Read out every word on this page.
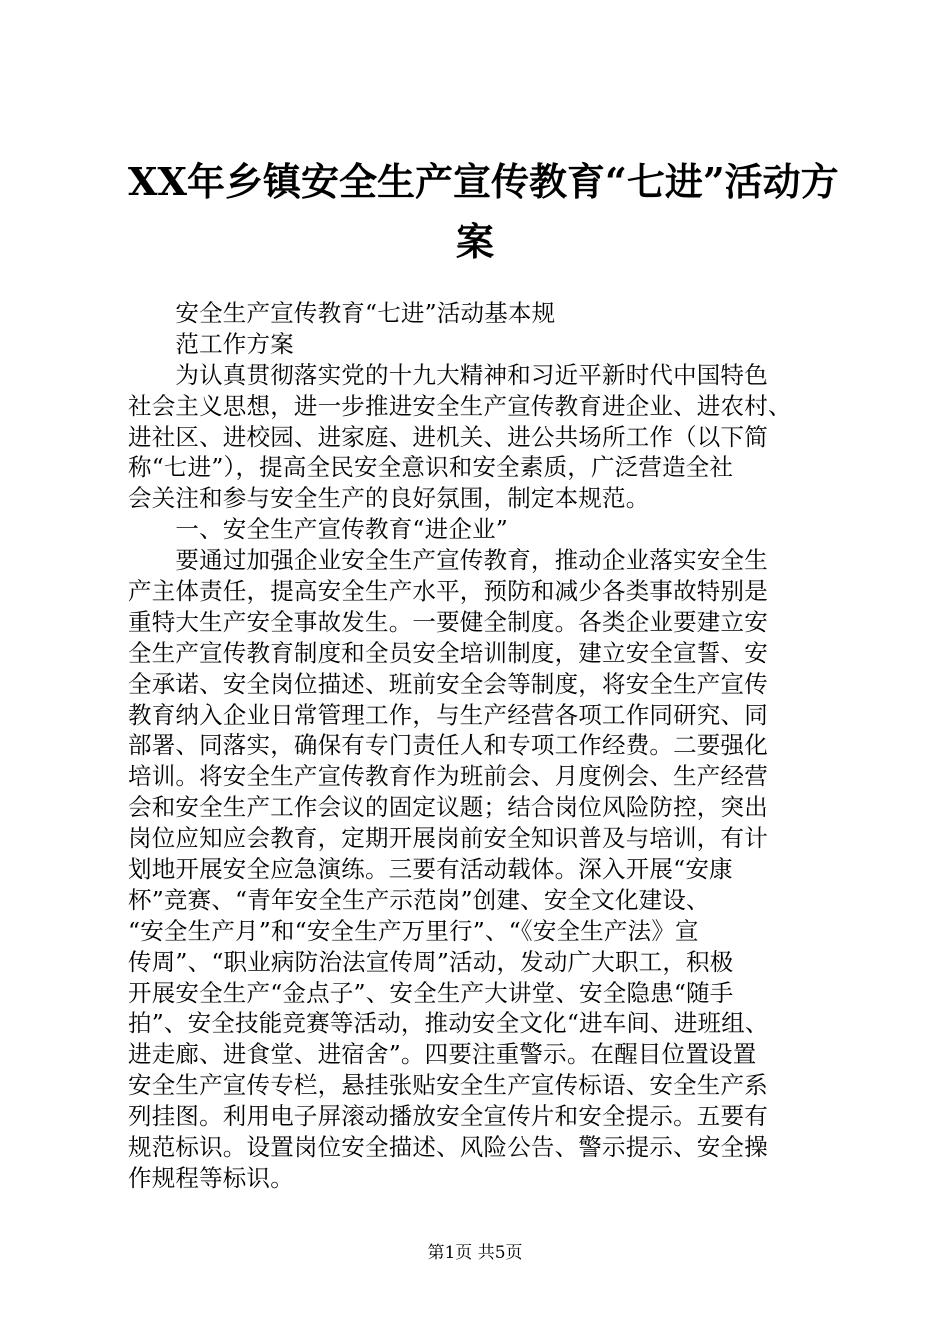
XX年乡镇安全生产宣传教育“七进”活动方
案
　　安全生产宣传教育“七进”活动基本规
　　范工作方案
　　为认真贯彻落实党的十九大精神和习近平新时代中国特色
社会主义思想，进一步推进安全生产宣传教育进企业、进农村、
进社区、进校园、进家庭、进机关、进公共场所工作（以下简
称“七进”），提高全民安全意识和安全素质，广泛营造全社
会关注和参与安全生产的良好氛围，制定本规范。
　　一、安全生产宣传教育“进企业”
　　要通过加强企业安全生产宣传教育，推动企业落实安全生
产主体责任，提高安全生产水平，预防和减少各类事故特别是
重特大生产安全事故发生。一要健全制度。各类企业要建立安
全生产宣传教育制度和全员安全培训制度，建立安全宣誓、安
全承诺、安全岗位描述、班前安全会等制度，将安全生产宣传
教育纳入企业日常管理工作，与生产经营各项工作同研究、同
部署、同落实，确保有专门责任人和专项工作经费。二要强化
培训。将安全生产宣传教育作为班前会、月度例会、生产经营
会和安全生产工作会议的固定议题；结合岗位风险防控，突出
岗位应知应会教育，定期开展岗前安全知识普及与培训，有计
划地开展安全应急演练。三要有活动载体。深入开展“安康
杯”竞赛、“青年安全生产示范岗”创建、安全文化建设、
“安全生产月”和“安全生产万里行”、“《安全生产法》宣
传周”、“职业病防治法宣传周”活动，发动广大职工，积极
开展安全生产“金点子”、安全生产大讲堂、安全隐患“随手
拍”、安全技能竞赛等活动，推动安全文化“进车间、进班组、
进走廊、进食堂、进宿舍”。四要注重警示。在醒目位置设置
安全生产宣传专栏，悬挂张贴安全生产宣传标语、安全生产系
列挂图。利用电子屏滚动播放安全宣传片和安全提示。五要有
规范标识。设置岗位安全描述、风险公告、警示提示、安全操
作规程等标识。
第1页 共5页
